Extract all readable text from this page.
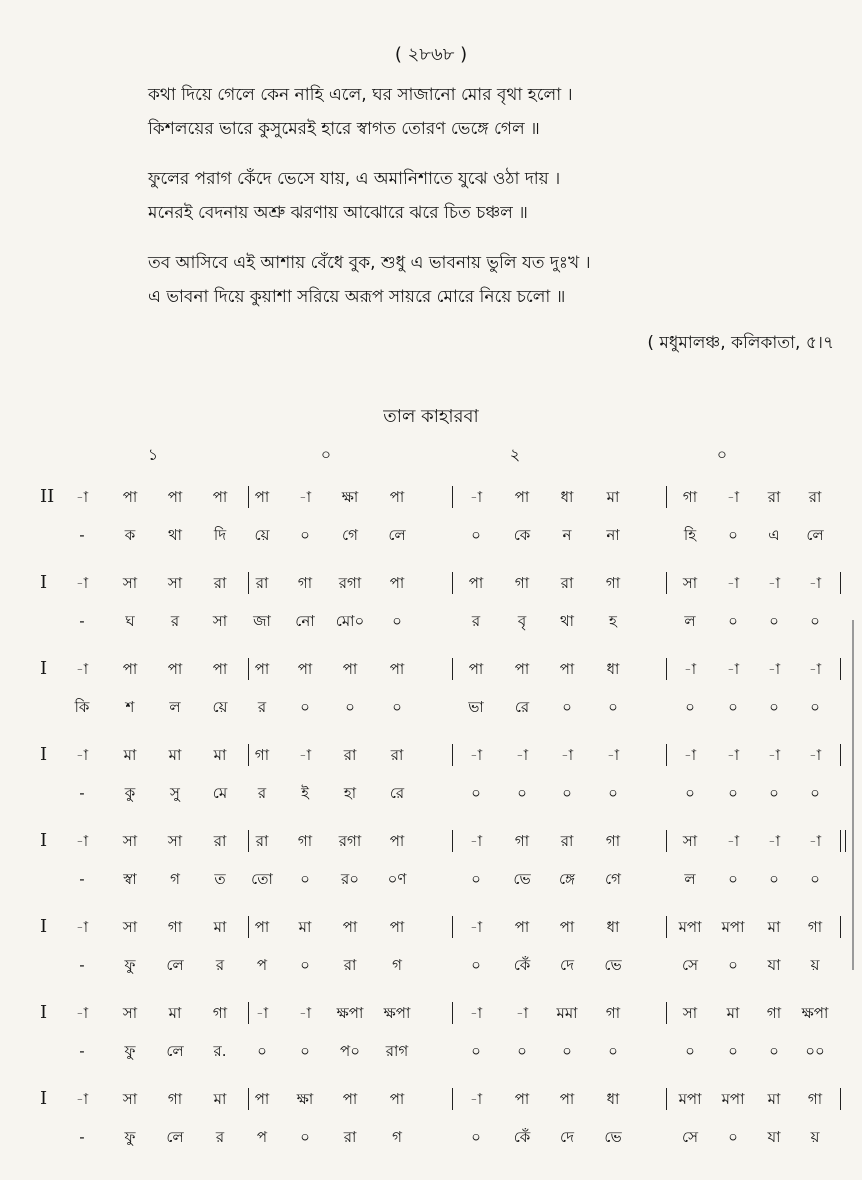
( ২৮৬৮ )
কথা দিয়ে গেলে কেন নাহি এলে, ঘর সাজানো মোর বৃথা হলো ।
কিশলয়ের ভারে কুসুমেরই হারে স্বাগত তোরণ ভেঙ্গে গেল ॥
ফুলের পরাগ কেঁদে ভেসে যায়, এ অমানিশাতে যুঝে ওঠা দায় ।
মনেরই বেদনায় অশ্রু ঝরণায় আঝোরে ঝরে চিত চঞ্চল ॥
তব আসিবে এই আশায় বেঁধে বুক, শুধু এ ভাবনায় ভুলি যত দুঃখ ।
এ ভাবনা দিয়ে কুয়াশা সরিয়ে অরূপ সায়রে মোরে নিয়ে চলো ॥
( মধুমালঞ্চ, কলিকাতা, ৫।৭
তাল কাহারবা
১	০	২	০
II	-া	পা	পা	পা	পা	-া	ক্ষা	পা	-া	পা	ধা	মা	গা	-া	রা	রা
-	ক	থা	দি	য়ে	০	গে	লে	০	কে	ন	না	হি	০	এ	লে
I	-া	সা	সা	রা	রা	গা	রগা	পা	পা	গা	রা	গা	সা	-া	-া	-া
-	ঘ	র	সা	জা	নো	মো০	০	র	বৃ	থা	হ	ল	০	০	০
I	-া	পা	পা	পা	পা	পা	পা	পা	পা	পা	পা	ধা	-া	-া	-া	-া
কি	শ	ল	য়ে	র	০	০	০	ভা	রে	০	০	০	০	০	০
I	-া	মা	মা	মা	গা	-া	রা	রা	-া	-া	-া	-া	-া	-া	-া	-া
-	কু	সু	মে	র	ই	হা	রে	০	০	০	০	০	০	০	০
I	-া	সা	সা	রা	রা	গা	রগা	পা	-া	গা	রা	গা	সা	-া	-া	-া
-	স্বা	গ	ত	তো	০	র০	০ণ	০	ভে	ঙ্গে	গে	ল	০	০	০
I	-া	সা	গা	মা	পা	মা	পা	পা	-া	পা	পা	ধা	মপা	মপা	মা	গা
-	ফু	লে	র	প	০	রা	গ	০	কেঁ	দে	ভে	সে	০	যা	য়
I	-া	সা	মা	গা	-া	-া	ক্ষপা	ক্ষপা	-া	-া	মমা	গা	সা	মা	গা	ক্ষপা
-	ফু	লে	র.	০	০	প০	রাগ	০	০	০	০	০	০	০	০০
I	-া	সা	গা	মা	পা	ক্ষা	পা	পা	-া	পা	পা	ধা	মপা	মপা	মা	গা
-	ফু	লে	র	প	০	রা	গ	০	কেঁ	দে	ভে	সে	০	যা	য়
